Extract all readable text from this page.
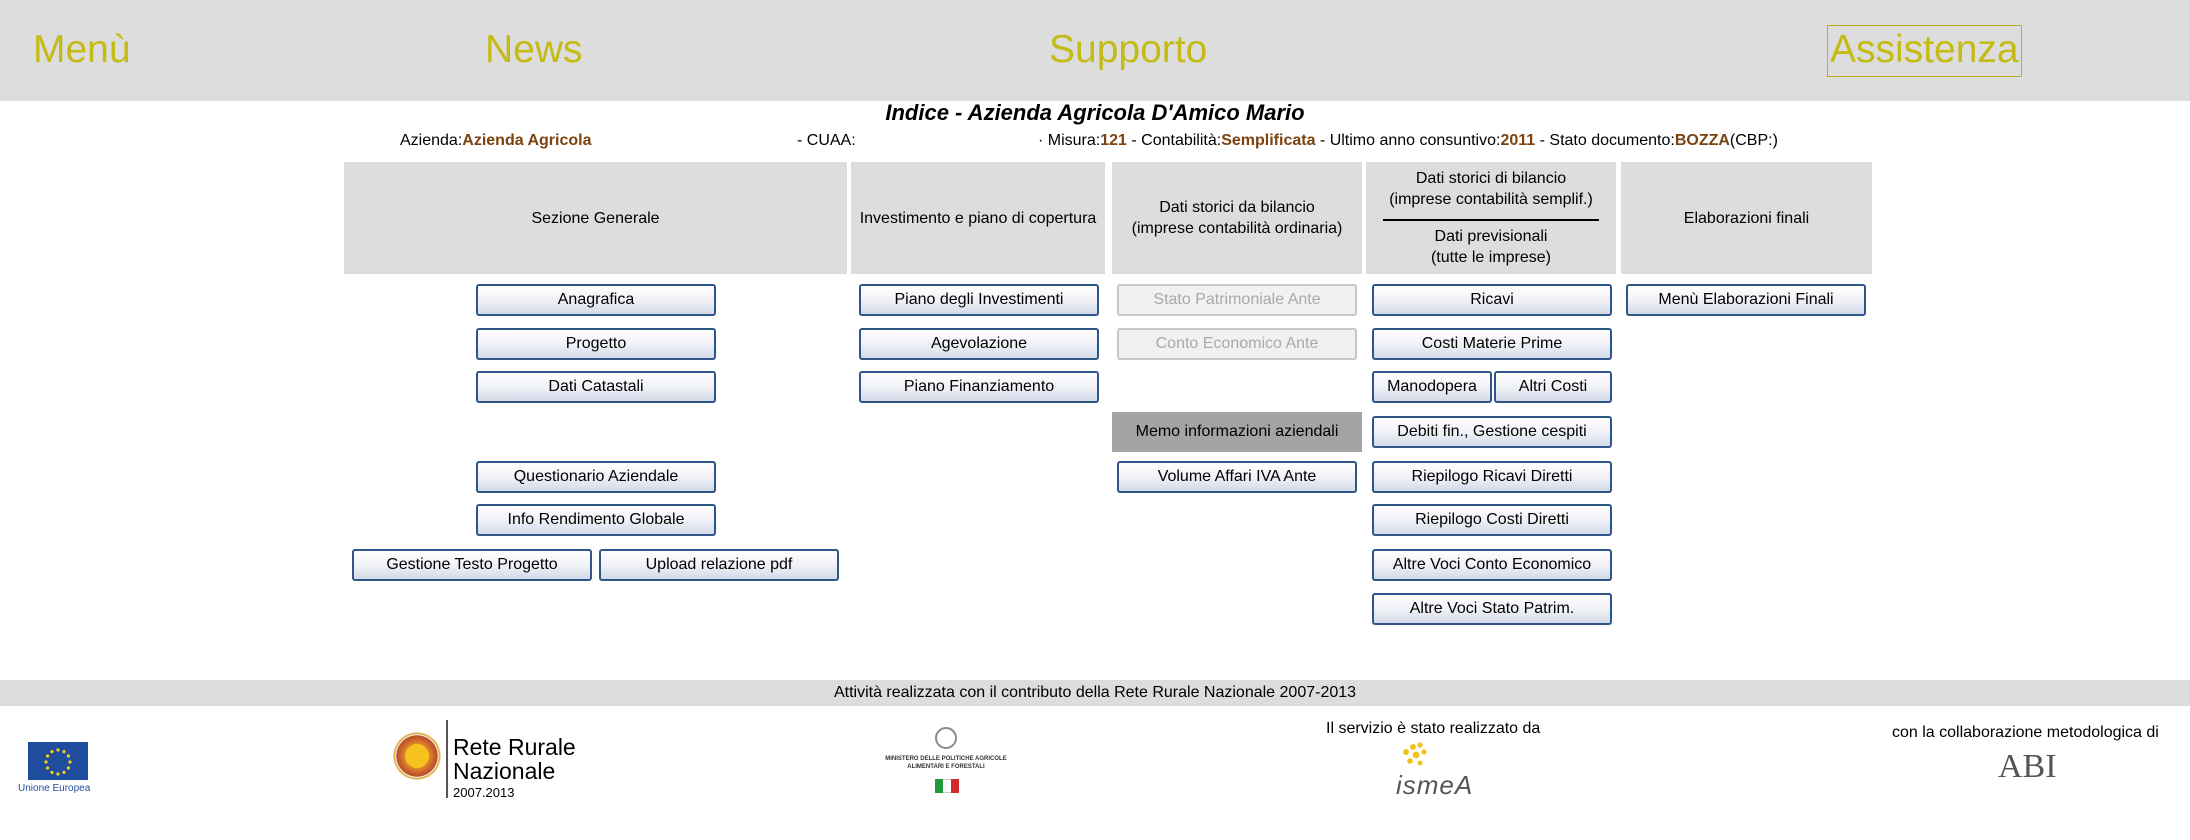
Menù	News	Supporto	Assistenza
Indice - Azienda Agricola D'Amico Mario
Azienda:Azienda Agricola	- CUAA:	· Misura:121 - Contabilità:Semplificata - Ultimo anno consuntivo:2011 - Stato documento:BOZZA(CBP:)
Sezione Generale	Investimento e piano di copertura
Dati storici da bilancio
(imprese contabilità ordinaria)
Dati storici di bilancio
(imprese contabilità semplif.)
Dati previsionali
(tutte le imprese)
Elaborazioni finali
Anagrafica
Progetto
Dati Catastali
Questionario Aziendale
Info Rendimento Globale
Gestione Testo Progetto	Upload relazione pdf
Piano degli Investimenti
Agevolazione
Piano Finanziamento
Stato Patrimoniale Ante
Conto Economico Ante
Memo informazioni aziendali
Volume Affari IVA Ante
Ricavi
Costi Materie Prime
Manodopera	Altri Costi
Debiti fin., Gestione cespiti
Riepilogo Ricavi Diretti
Riepilogo Costi Diretti
Altre Voci Conto Economico
Altre Voci Stato Patrim.
Menù Elaborazioni Finali
Attività realizzata con il contributo della Rete Rurale Nazionale 2007-2013
Unione Europea
Rete Rurale
Nazionale
2007.2013
MINISTERO DELLE POLITICHE AGRICOLE
ALIMENTARI E FORESTALI
Il servizio è stato realizzato da
ismeA
con la collaborazione metodologica di
ABI
